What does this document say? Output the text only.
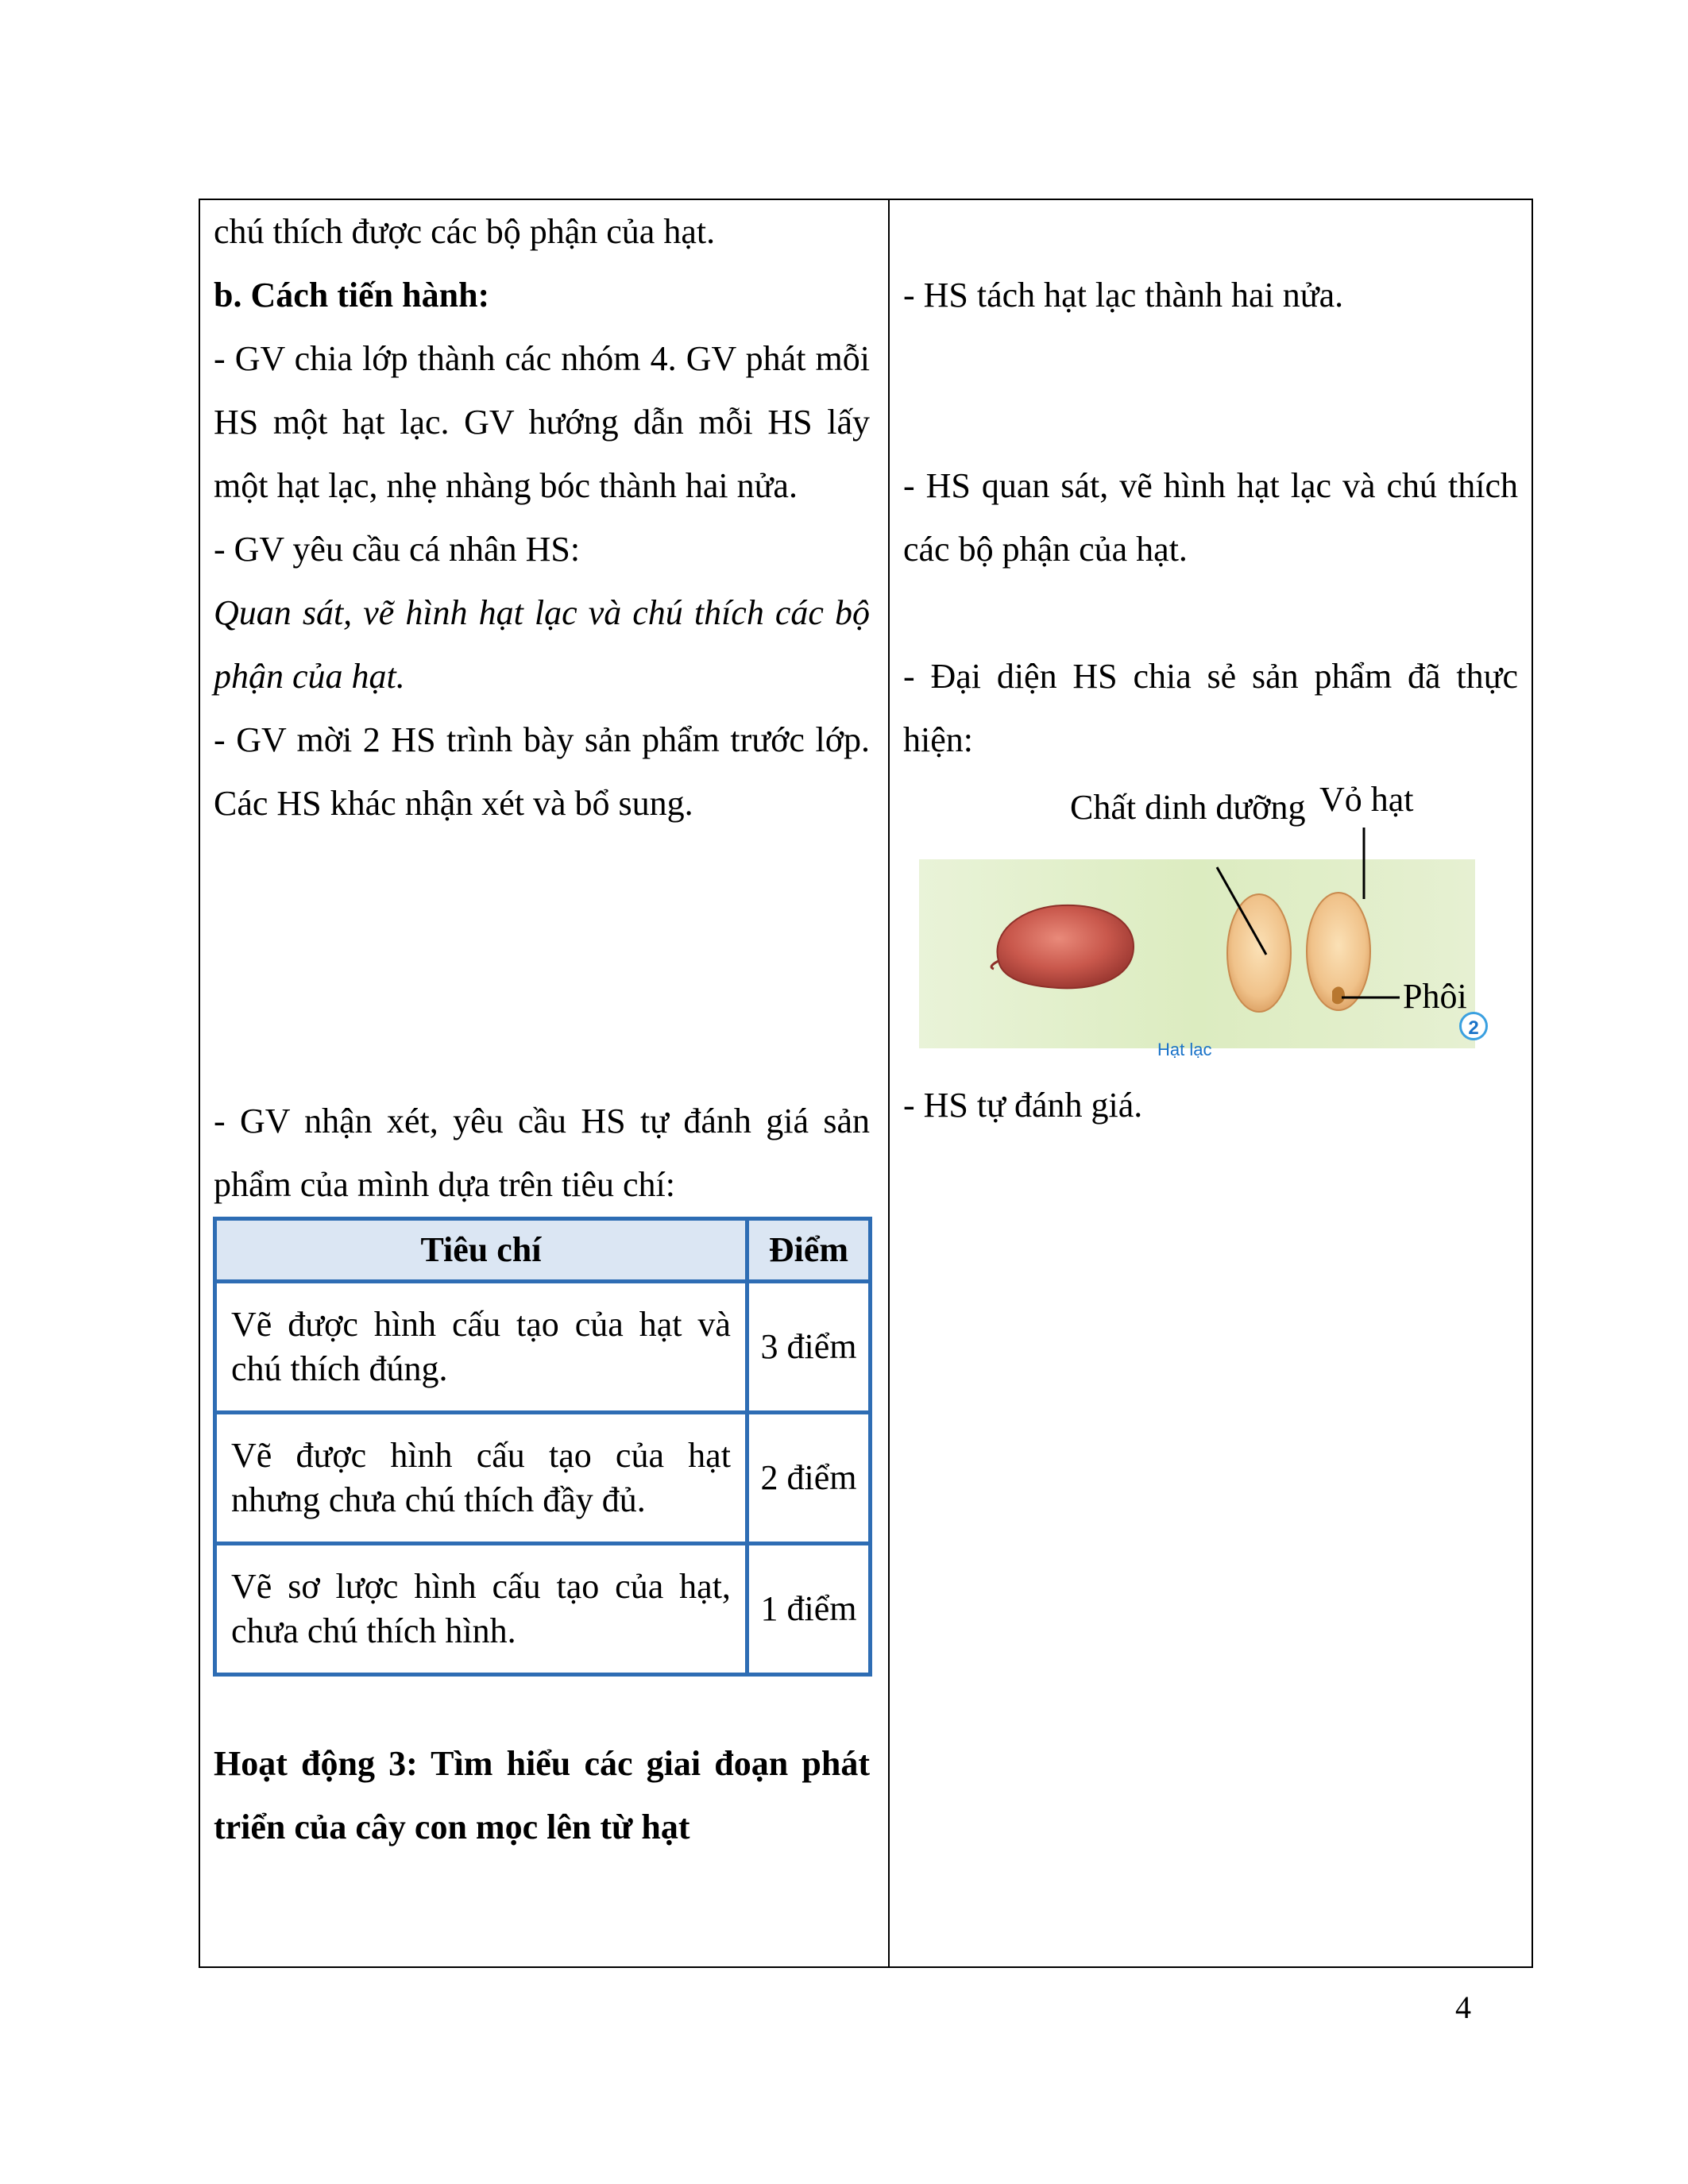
chú thích được các bộ phận của hạt.

b. Cách tiến hành:

- GV chia lớp thành các nhóm 4. GV phát mỗi HS một hạt lạc. GV hướng dẫn mỗi HS lấy một hạt lạc, nhẹ nhàng bóc thành hai nửa.

- GV yêu cầu cá nhân HS:

Quan sát, vẽ hình hạt lạc và chú thích các bộ phận của hạt.

- GV mời 2 HS trình bày sản phẩm trước lớp. Các HS khác nhận xét và bổ sung.

- GV nhận xét, yêu cầu HS tự đánh giá sản phẩm của mình dựa trên tiêu chí:

Tiêu chí	Điểm
Vẽ được hình cấu tạo của hạt và chú thích đúng.	3 điểm
Vẽ được hình cấu tạo của hạt nhưng chưa chú thích đầy đủ.	2 điểm
Vẽ sơ lược hình cấu tạo của hạt, chưa chú thích hình.	1 điểm

Hoạt động 3: Tìm hiểu các giai đoạn phát triển của cây con mọc lên từ hạt

- HS tách hạt lạc thành hai nửa.

- HS quan sát, vẽ hình hạt lạc và chú thích các bộ phận của hạt.

- Đại diện HS chia sẻ sản phẩm đã thực hiện:

Chất dinh dưỡng Vỏ hạt
Phôi
Hạt lạc
2

- HS tự đánh giá.

4
